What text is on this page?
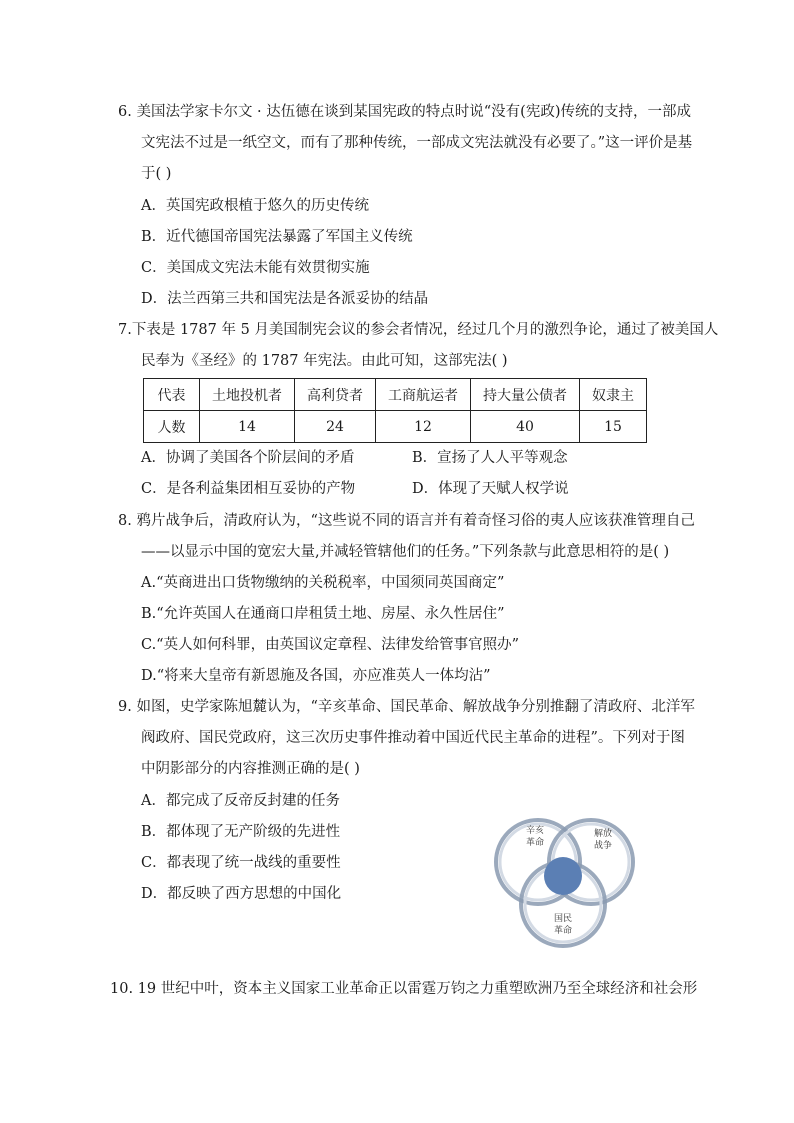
6. 美国法学家卡尔文 · 达伍德在谈到某国宪政的特点时说“没有(宪政)传统的支持，一部成
文宪法不过是一纸空文，而有了那种传统，一部成文宪法就没有必要了。”这一评价是基
于( )
A．英国宪政根植于悠久的历史传统
B．近代德国帝国宪法暴露了军国主义传统
C．美国成文宪法未能有效贯彻实施
D．法兰西第三共和国宪法是各派妥协的结晶
7.下表是 1787 年 5 月美国制宪会议的参会者情况，经过几个月的激烈争论，通过了被美国人
民奉为《圣经》的 1787 年宪法。由此可知，这部宪法( )
代表	土地投机者	高利贷者	工商航运者	持大量公债者	奴隶主
人数	14	24	12	40	15
A．协调了美国各个阶层间的矛盾	B．宣扬了人人平等观念
C．是各利益集团相互妥协的产物	D．体现了天赋人权学说
8. 鸦片战争后，清政府认为，“这些说不同的语言并有着奇怪习俗的夷人应该获准管理自己
——以显示中国的宽宏大量,并减轻管辖他们的任务。”下列条款与此意思相符的是( )
A.“英商进出口货物缴纳的关税税率，中国须同英国商定”
B.“允许英国人在通商口岸租赁土地、房屋、永久性居住”
C.“英人如何科罪，由英国议定章程、法律发给管事官照办”
D.“将来大皇帝有新恩施及各国，亦应准英人一体均沾”
9. 如图，史学家陈旭麓认为，“辛亥革命、国民革命、解放战争分别推翻了清政府、北洋军
阀政府、国民党政府，这三次历史事件推动着中国近代民主革命的进程”。下列对于图
中阴影部分的内容推测正确的是( )
A．都完成了反帝反封建的任务
B．都体现了无产阶级的先进性
C．都表现了统一战线的重要性
D．都反映了西方思想的中国化
辛亥
革命
解放
战争
国民
革命
10. 19 世纪中叶，资本主义国家工业革命正以雷霆万钧之力重塑欧洲乃至全球经济和社会形
